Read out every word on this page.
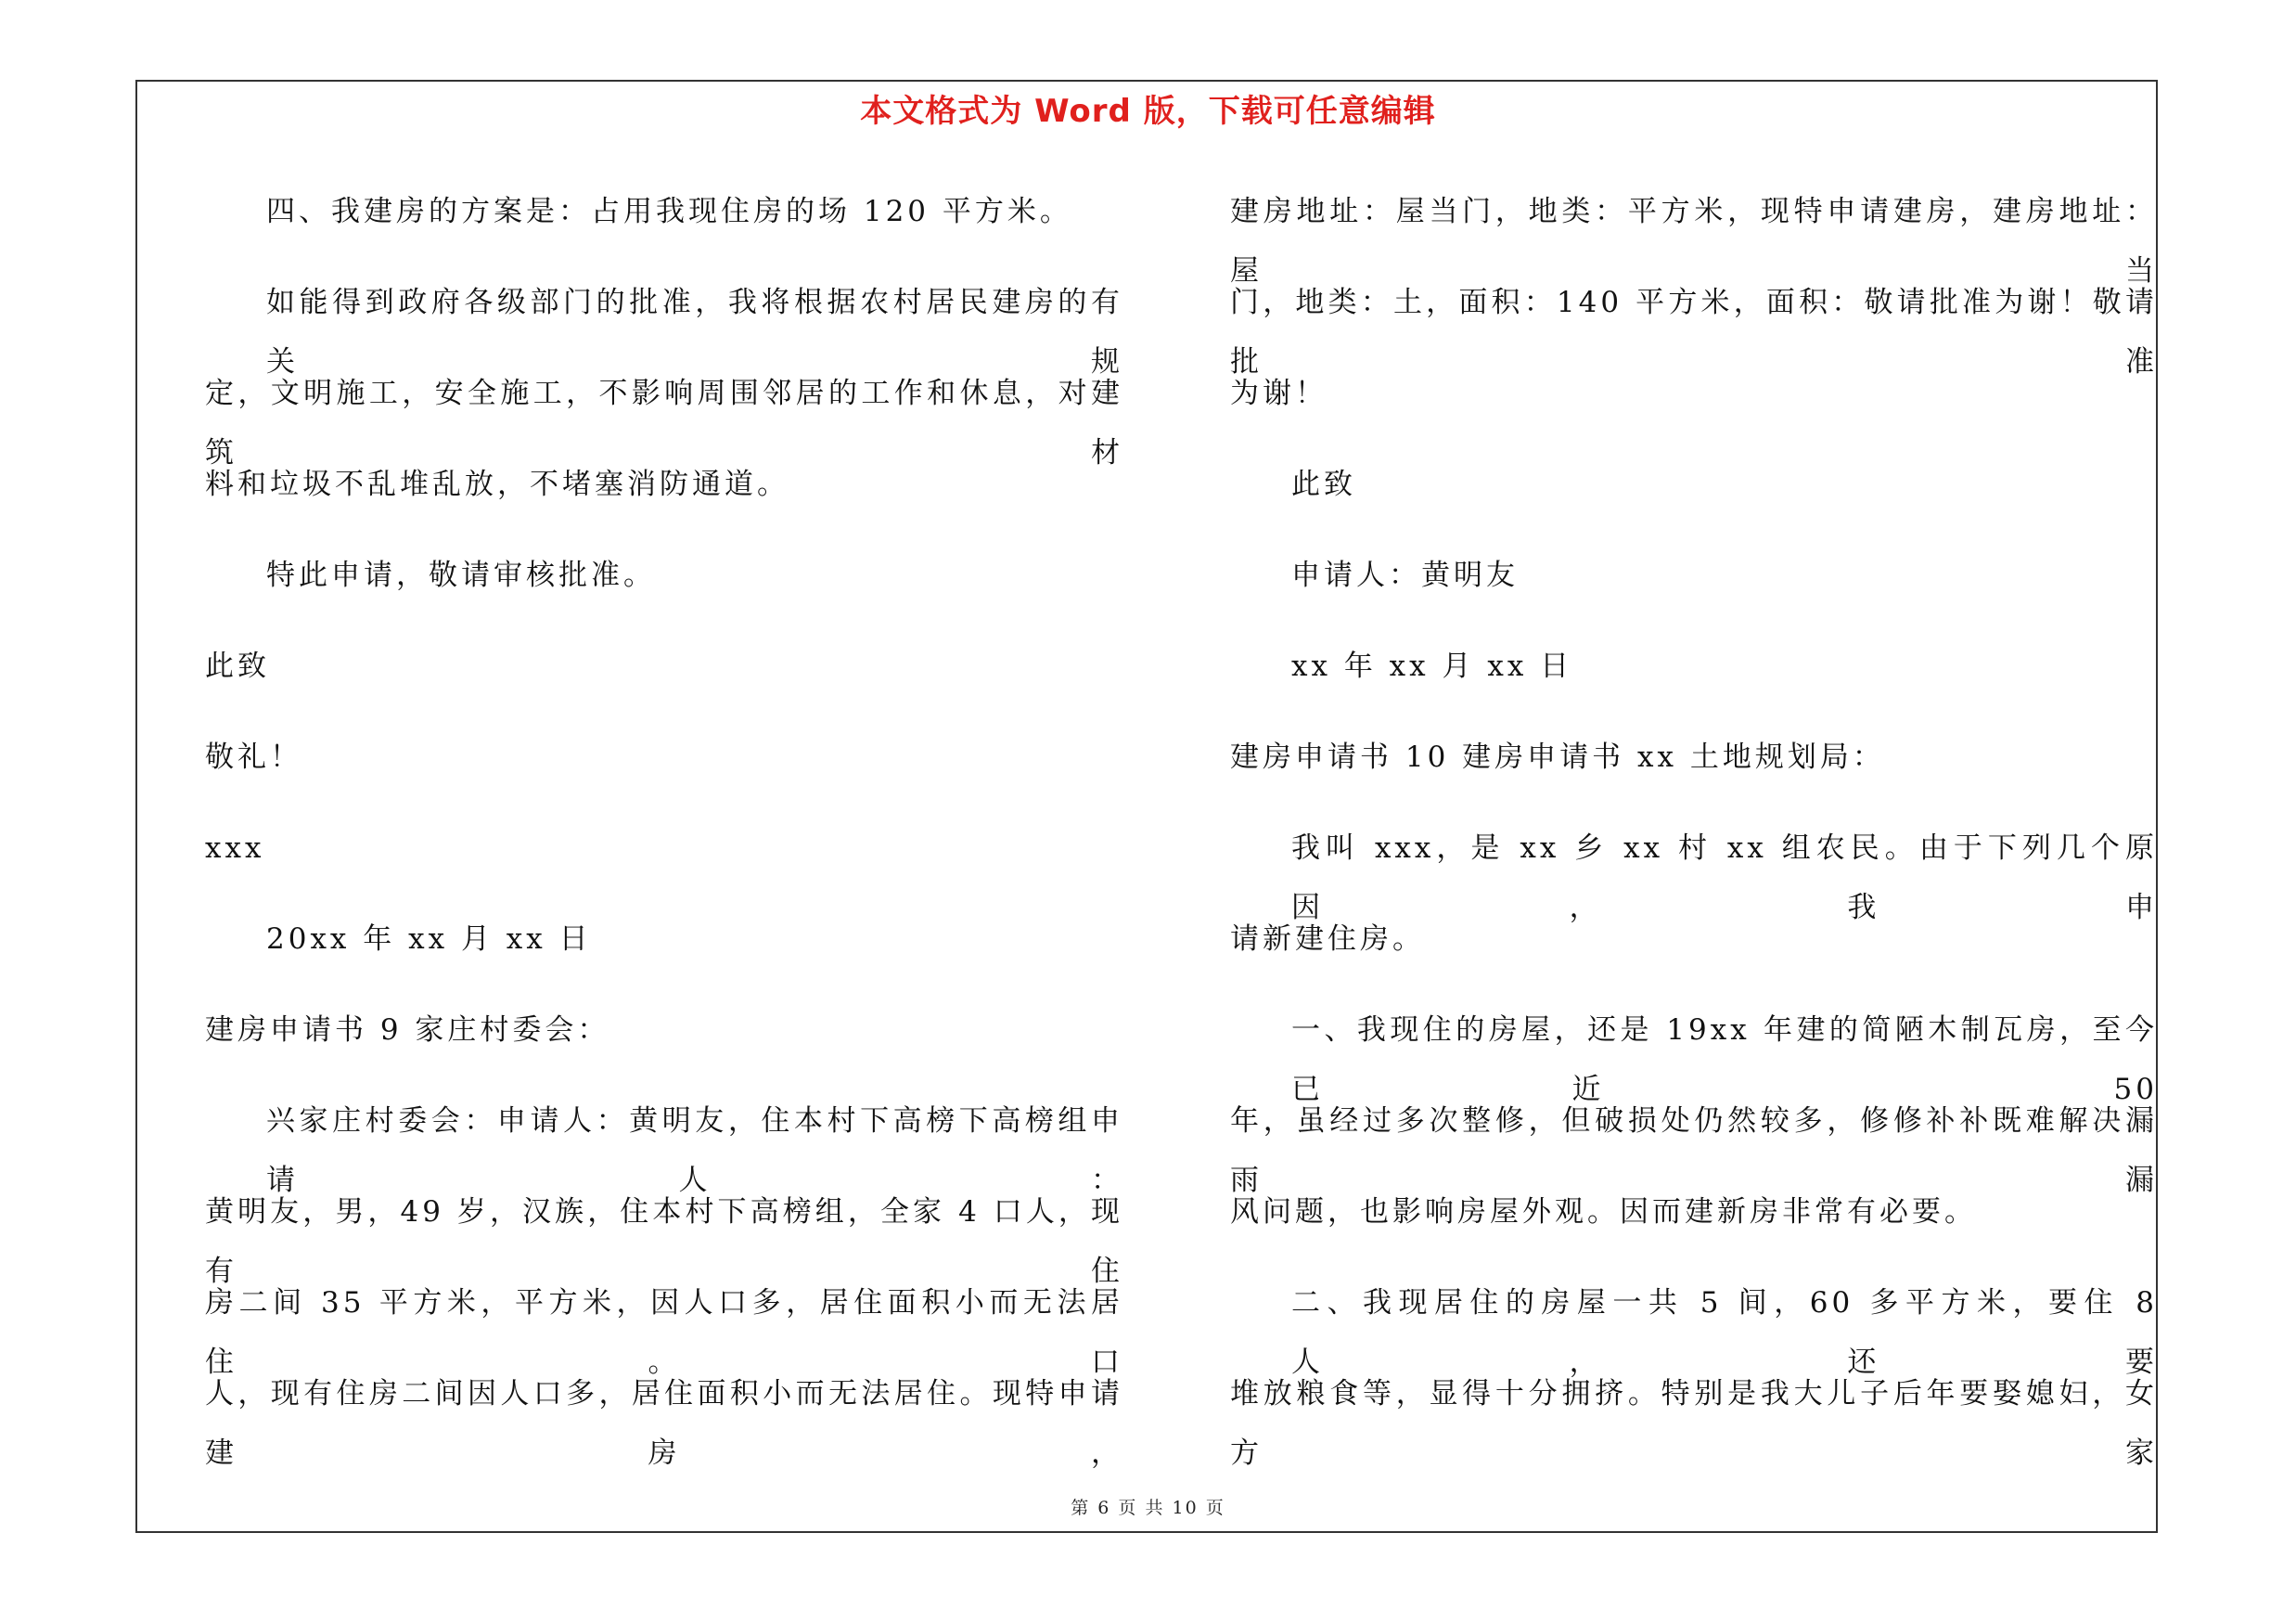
本文格式为 Word 版，下载可任意编辑
四、我建房的方案是：占用我现住房的场 120 平方米。
如能得到政府各级部门的批准，我将根据农村居民建房的有关规
定，文明施工，安全施工，不影响周围邻居的工作和休息，对建筑材
料和垃圾不乱堆乱放，不堵塞消防通道。
特此申请，敬请审核批准。
此致
敬礼！
xxx
20xx 年 xx 月 xx 日
建房申请书 9 家庄村委会：
兴家庄村委会：申请人：黄明友，住本村下高榜下高榜组申请人：
黄明友，男，49 岁，汉族，住本村下高榜组，全家 4 口人，现有住
房二间 35 平方米，平方米，因人口多，居住面积小而无法居住。口
人，现有住房二间因人口多，居住面积小而无法居住。现特申请建房，
建房地址：屋当门，地类：平方米，现特申请建房，建房地址：屋当
门，地类：土，面积：140 平方米，面积：敬请批准为谢！敬请批准
为谢！
此致
申请人：黄明友
xx 年 xx 月 xx 日
建房申请书 10 建房申请书 xx 土地规划局：
我叫 xxx，是 xx 乡 xx 村 xx 组农民。由于下列几个原因，我申
请新建住房。
一、我现住的房屋，还是 19xx 年建的简陋木制瓦房，至今已近 50
年，虽经过多次整修，但破损处仍然较多，修修补补既难解决漏雨漏
风问题，也影响房屋外观。因而建新房非常有必要。
二、我现居住的房屋一共 5 间，60 多平方米，要住 8 人，还要
堆放粮食等，显得十分拥挤。特别是我大儿子后年要娶媳妇，女方家
第 6 页 共 10 页
